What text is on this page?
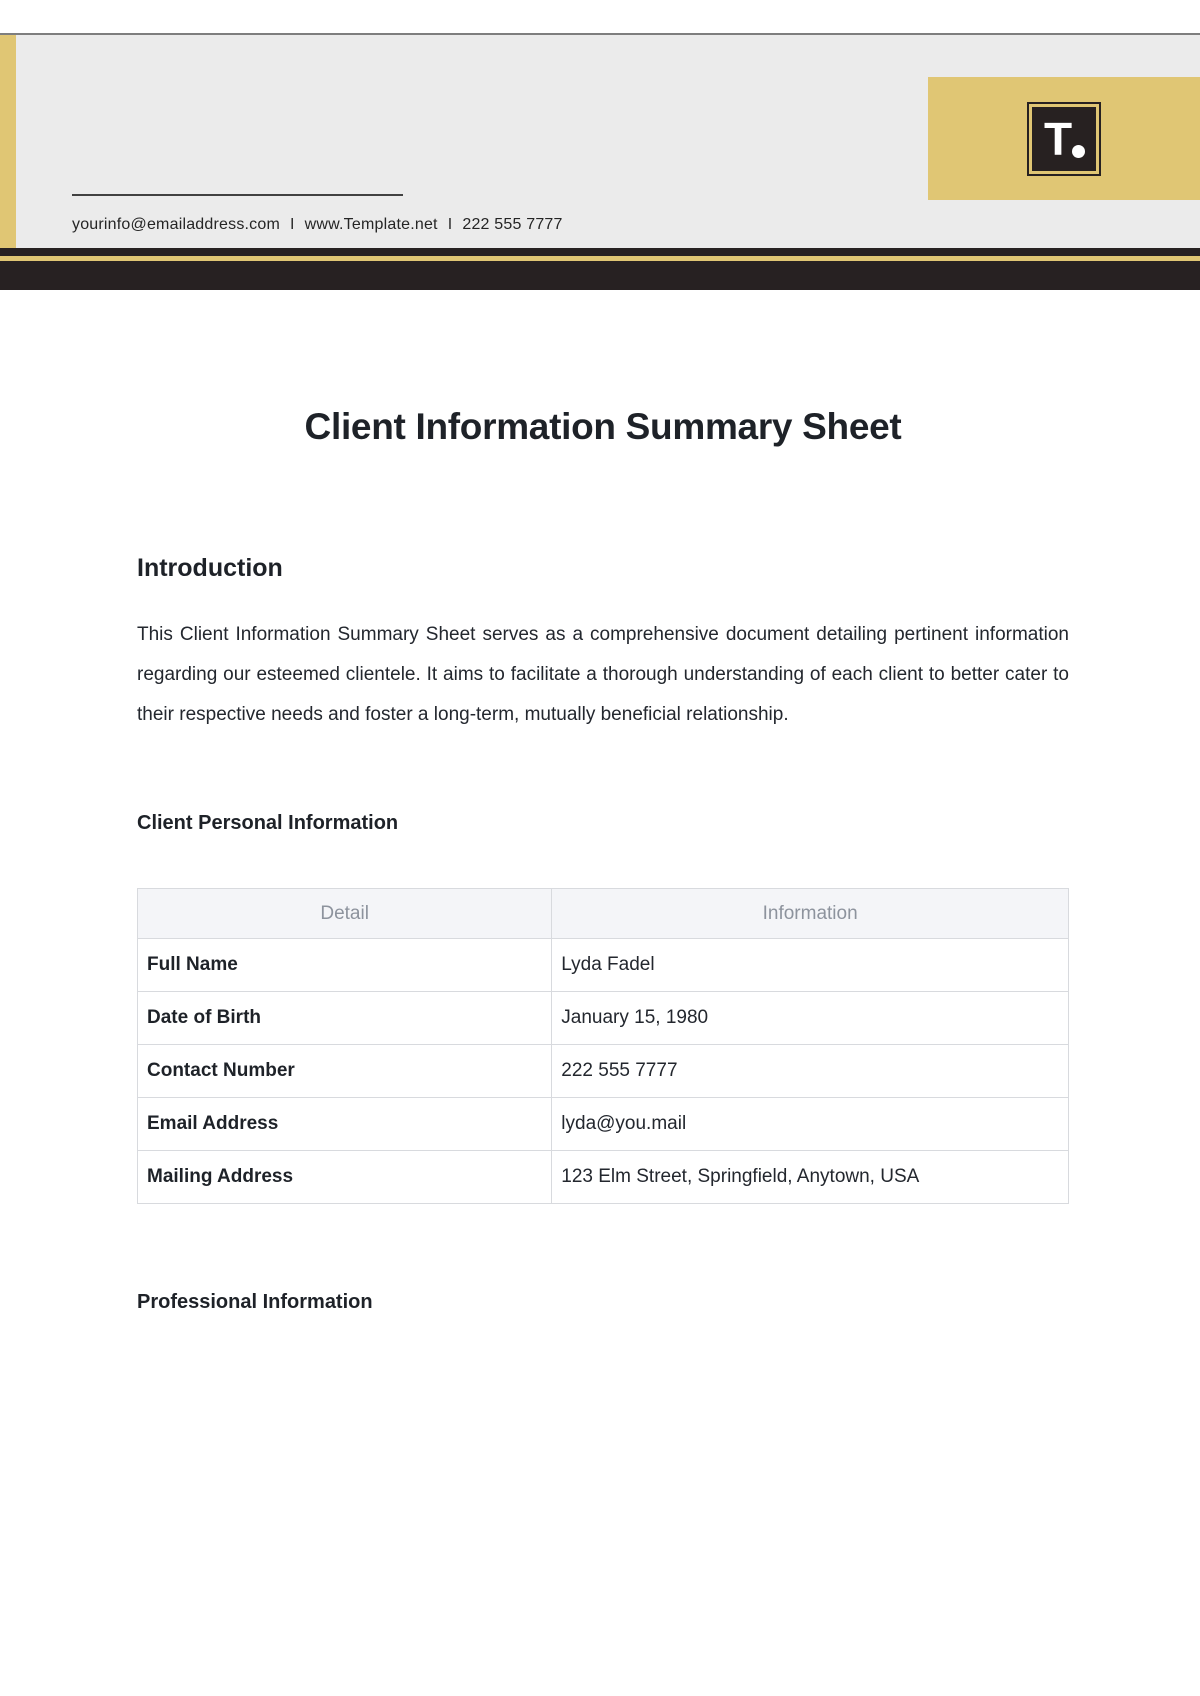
T
yourinfo@emailaddress.com I www.Template.net I 222 555 7777
Client Information Summary Sheet
Introduction

This Client Information Summary Sheet serves as a comprehensive document detailing pertinent information regarding our esteemed clientele. It aims to facilitate a thorough understanding of each client to better cater to their respective needs and foster a long-term, mutually beneficial relationship.

Client Personal Information
Detail	Information
Full Name	Lyda Fadel
Date of Birth	January 15, 1980
Contact Number	222 555 7777
Email Address	lyda@you.mail
Mailing Address	123 Elm Street, Springfield, Anytown, USA
Professional Information
